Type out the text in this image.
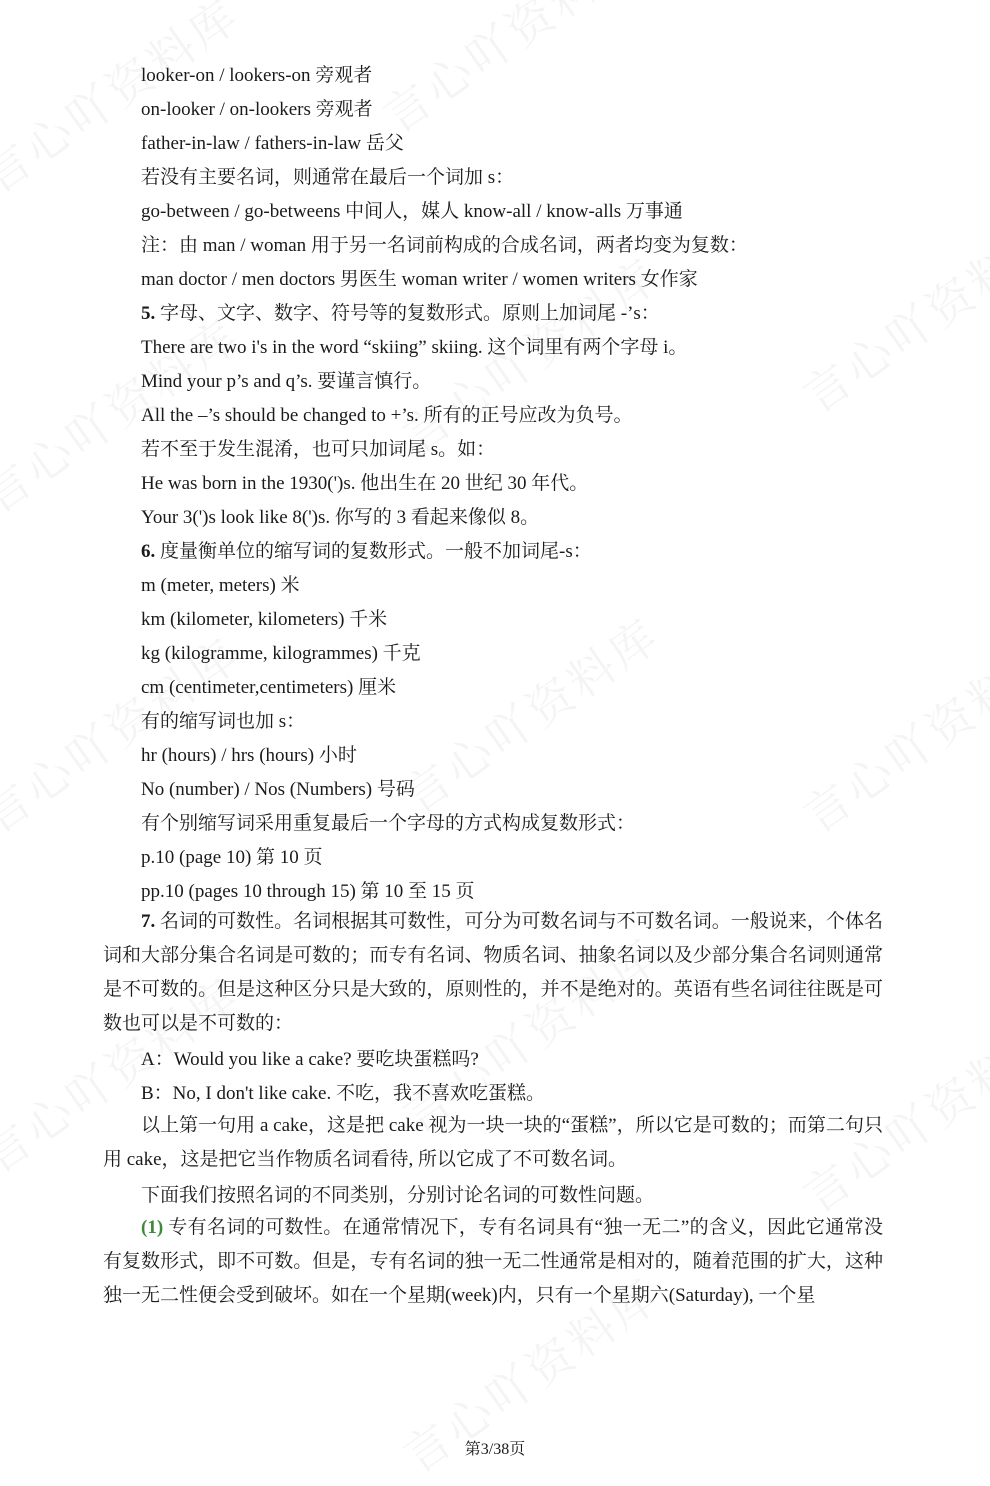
looker-on / lookers-on 旁观者
on-looker / on-lookers 旁观者
father-in-law / fathers-in-law 岳父
若没有主要名词，则通常在最后一个词加 s：
go-between / go-betweens 中间人，媒人 know-all / know-alls 万事通
注：由 man / woman 用于另一名词前构成的合成名词，两者均变为复数：
man doctor / men doctors 男医生 woman writer / women writers 女作家
5. 字母、文字、数字、符号等的复数形式。原则上加词尾 -’s：
There are two i's in the word “skiing” skiing. 这个词里有两个字母 i。
Mind your p’s and q’s. 要谨言慎行。
All the –’s should be changed to +’s. 所有的正号应改为负号。
若不至于发生混淆，也可只加词尾 s。如：
He was born in the 1930(')s. 他出生在 20 世纪 30 年代。
Your 3(')s look like 8(')s. 你写的 3 看起来像似 8。
6. 度量衡单位的缩写词的复数形式。一般不加词尾-s：
m (meter, meters) 米
km (kilometer, kilometers) 千米
kg (kilogramme, kilogrammes) 千克
cm (centimeter,centimeters) 厘米
有的缩写词也加 s：
hr (hours) / hrs (hours) 小时
No (number) / Nos (Numbers) 号码
有个别缩写词采用重复最后一个字母的方式构成复数形式：
p.10 (page 10) 第 10 页
pp.10 (pages 10 through 15) 第 10 至 15 页
7. 名词的可数性。名词根据其可数性，可分为可数名词与不可数名词。一般说来，个体名词和大部分集合名词是可数的；而专有名词、物质名词、抽象名词以及少部分集合名词则通常是不可数的。但是这种区分只是大致的，原则性的，并不是绝对的。英语有些名词往往既是可数也可以是不可数的：
A：Would you like a cake? 要吃块蛋糕吗?
B：No, I don't like cake. 不吃，我不喜欢吃蛋糕。
以上第一句用 a cake，这是把 cake 视为一块一块的“蛋糕”，所以它是可数的；而第二句只用 cake，这是把它当作物质名词看待, 所以它成了不可数名词。
下面我们按照名词的不同类别，分别讨论名词的可数性问题。
(1) 专有名词的可数性。在通常情况下，专有名词具有“独一无二”的含义，因此它通常没有复数形式，即不可数。但是，专有名词的独一无二性通常是相对的，随着范围的扩大，这种独一无二性便会受到破坏。如在一个星期(week)内，只有一个星期六(Saturday), 一个星
第3/38页
